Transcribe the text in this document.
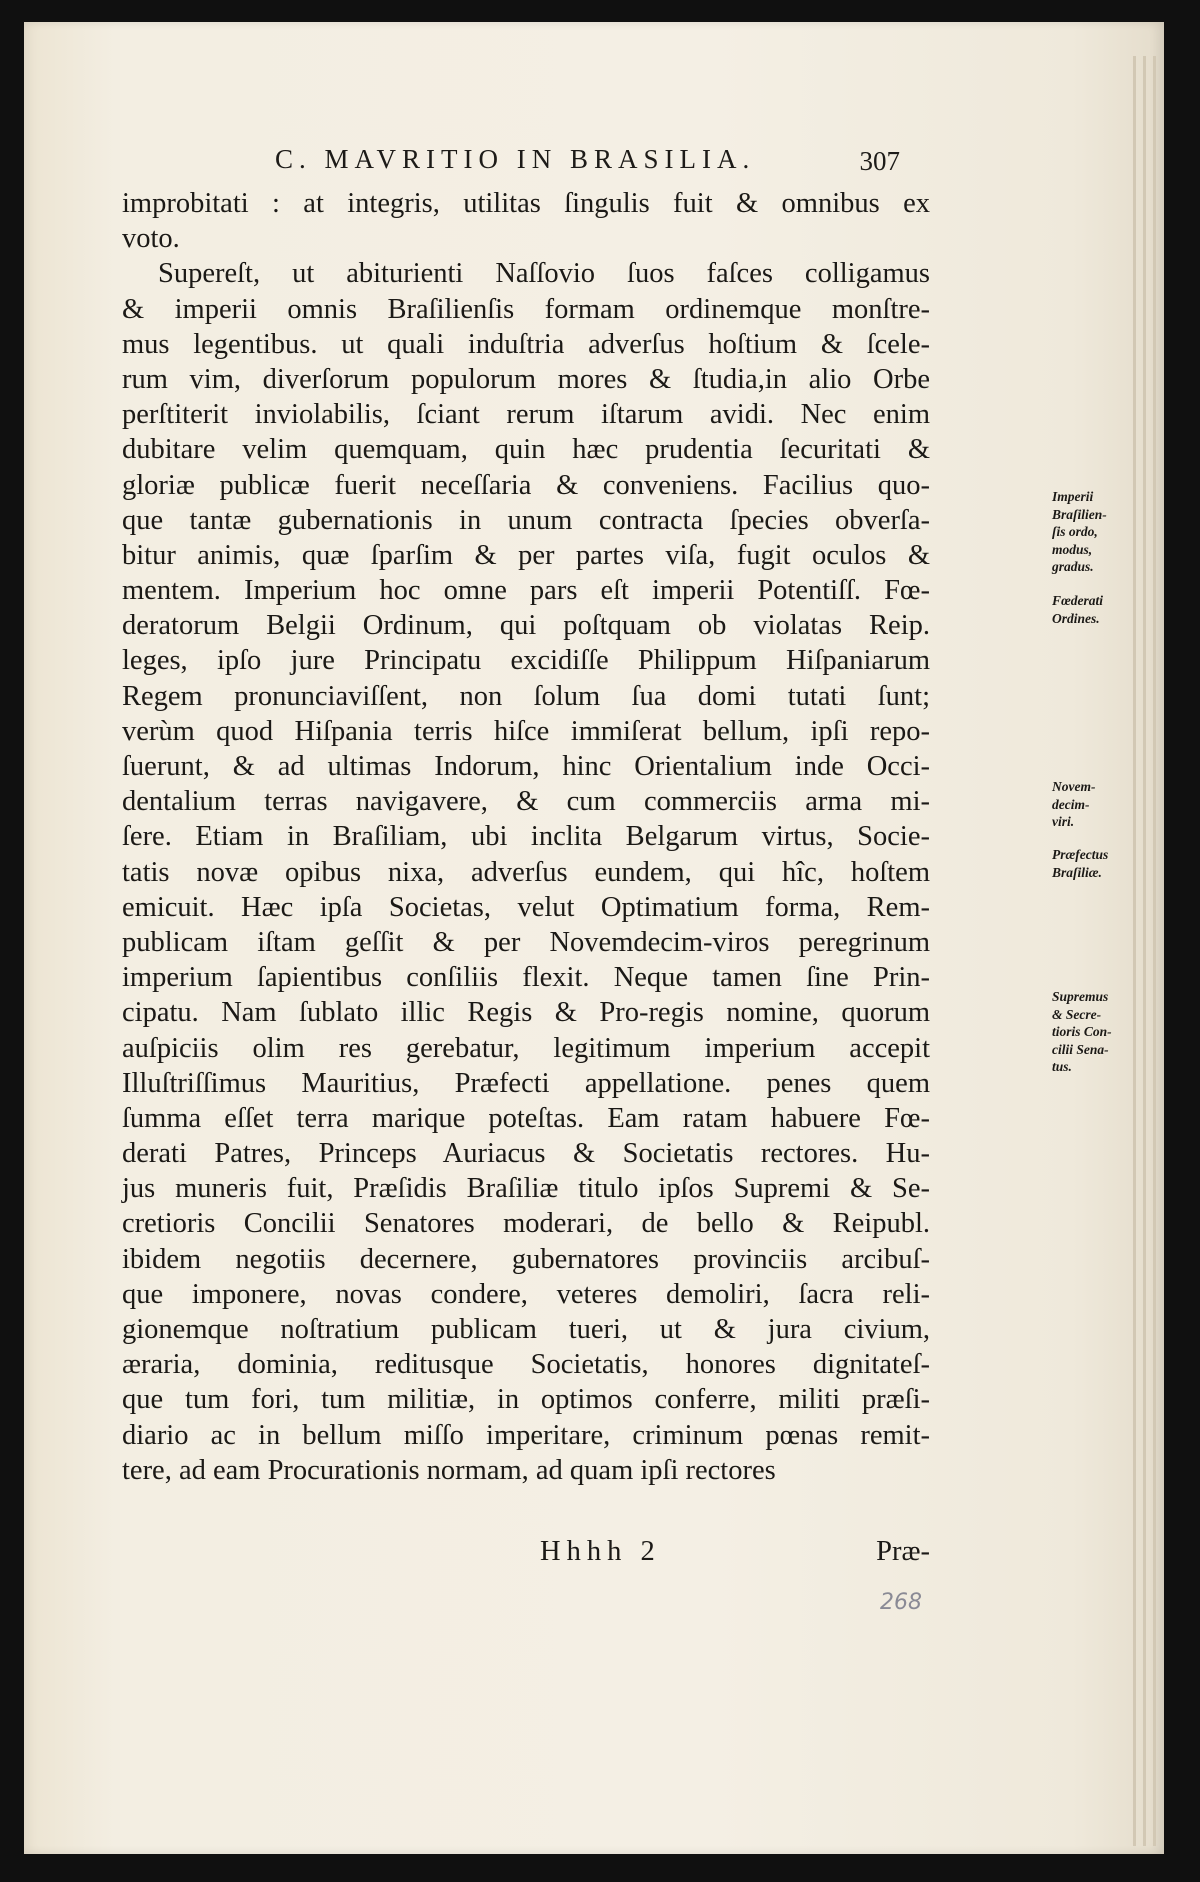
C. MAVRITIO IN BRASILIA.	307
improbitati : at integris, utilitas ſingulis fuit & omnibus ex
voto.
Supereſt, ut abiturienti Naſſovio ſuos faſces colligamus
& imperii omnis Braſilienſis formam ordinemque monſtre-
mus legentibus. ut quali induſtria adverſus hoſtium & ſcele-
rum vim, diverſorum populorum mores & ſtudia,in alio Orbe
perſtiterit inviolabilis, ſciant rerum iſtarum avidi. Nec enim
dubitare velim quemquam, quin hæc prudentia ſecuritati &
gloriæ publicæ fuerit neceſſaria & conveniens. Facilius quo-
que tantæ gubernationis in unum contracta ſpecies obverſa-
bitur animis, quæ ſparſim & per partes viſa, fugit oculos &
mentem. Imperium hoc omne pars eſt imperii Potentiſſ. Fœ-
deratorum Belgii Ordinum, qui poſtquam ob violatas Reip.
leges, ipſo jure Principatu excidiſſe Philippum Hiſpaniarum
Regem pronunciaviſſent, non ſolum ſua domi tutati ſunt;
verùm quod Hiſpania terris hiſce immiſerat bellum, ipſi repo-
ſuerunt, & ad ultimas Indorum, hinc Orientalium inde Occi-
dentalium terras navigavere, & cum commerciis arma mi-
ſere. Etiam in Braſiliam, ubi inclita Belgarum virtus, Socie-
tatis novæ opibus nixa, adverſus eundem, qui hîc, hoſtem
emicuit. Hæc ipſa Societas, velut Optimatium forma, Rem-
publicam iſtam geſſit & per Novemdecim-viros peregrinum
imperium ſapientibus conſiliis flexit. Neque tamen ſine Prin-
cipatu. Nam ſublato illic Regis & Pro-regis nomine, quorum
auſpiciis olim res gerebatur, legitimum imperium accepit
Illuſtriſſimus Mauritius, Præfecti appellatione. penes quem
ſumma eſſet terra marique poteſtas. Eam ratam habuere Fœ-
derati Patres, Princeps Auriacus & Societatis rectores. Hu-
jus muneris fuit, Præſidis Braſiliæ titulo ipſos Supremi & Se-
cretioris Concilii Senatores moderari, de bello & Reipubl.
ibidem negotiis decernere, gubernatores provinciis arcibuſ-
que imponere, novas condere, veteres demoliri, ſacra reli-
gionemque noſtratium publicam tueri, ut & jura civium,
æraria, dominia, reditusque Societatis, honores dignitateſ-
que tum fori, tum militiæ, in optimos conferre, militi præſi-
diario ac in bellum miſſo imperitare, criminum pœnas remit-
tere, ad eam Procurationis normam, ad quam ipſi rectores
Imperii
Braſilien-
ſis ordo,
modus,
gradus.
Fœderati
Ordines.
Novem-
decim-
viri.
Præfectus
Braſiliæ.
Supremus
& Secre-
tioris Con-
cilii Sena-
tus.
Hhhh 2	Præ-
268
